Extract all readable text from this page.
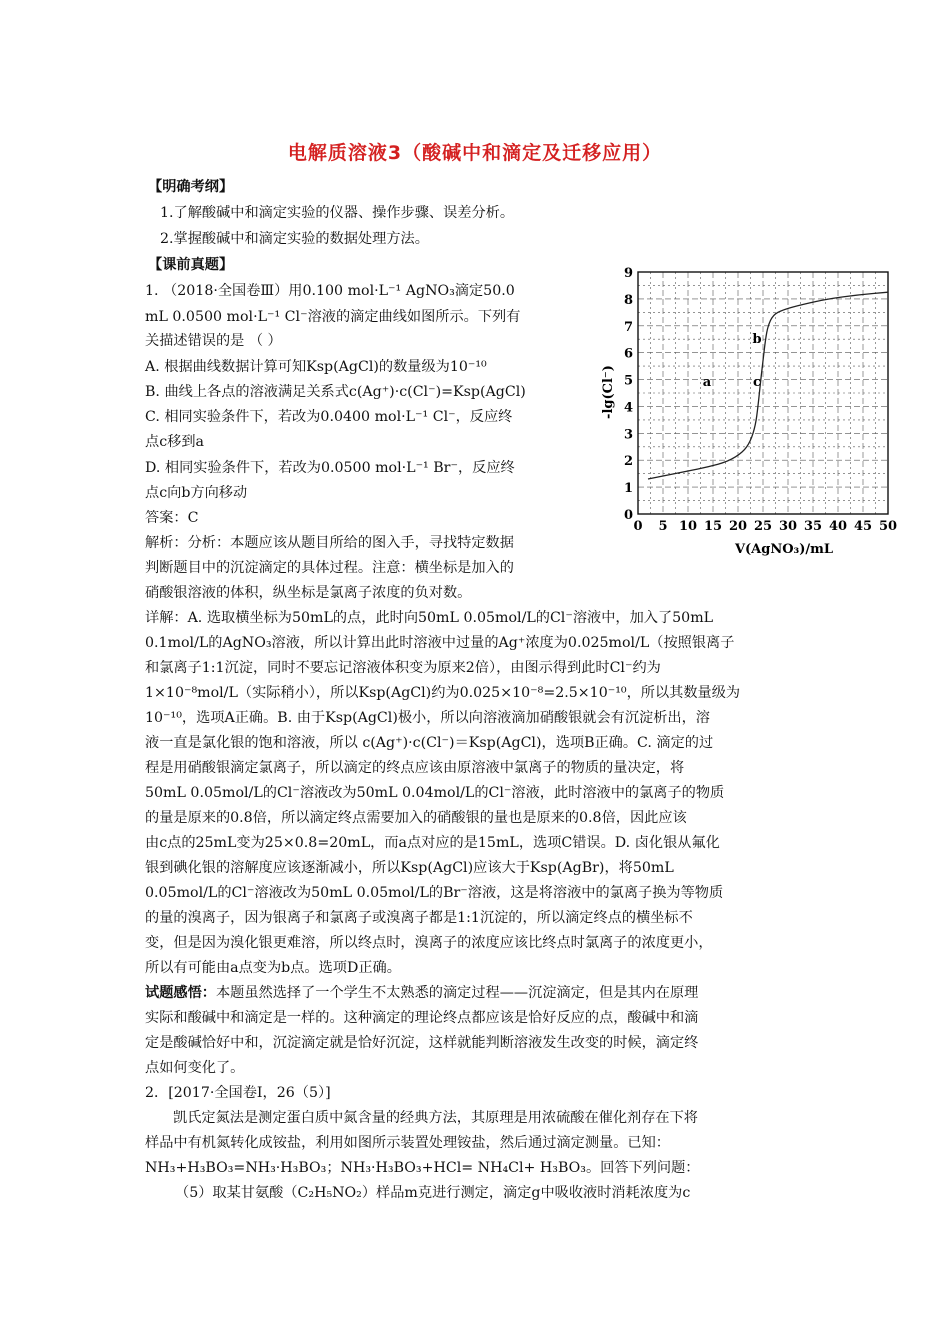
电解质溶液3（酸碱中和滴定及迁移应用）
【明确考纲】
1.了解酸碱中和滴定实验的仪器、操作步骤、误差分析。
2.掌握酸碱中和滴定实验的数据处理方法。
【课前真题】
1. （2018·全国卷Ⅲ）用0.100 mol·L⁻¹ AgNO₃滴定50.0
mL 0.0500 mol·L⁻¹ Cl⁻溶液的滴定曲线如图所示。下列有
关描述错误的是 （ ）
A. 根据曲线数据计算可知Ksp(AgCl)的数量级为10⁻¹⁰
B. 曲线上各点的溶液满足关系式c(Ag⁺)·c(Cl⁻)=Ksp(AgCl)
C. 相同实验条件下，若改为0.0400 mol·L⁻¹ Cl⁻，反应终
点c移到a
D. 相同实验条件下，若改为0.0500 mol·L⁻¹ Br⁻，反应终
点c向b方向移动
答案：C
解析：分析：本题应该从题目所给的图入手，寻找特定数据
判断题目中的沉淀滴定的具体过程。注意：横坐标是加入的
硝酸银溶液的体积，纵坐标是氯离子浓度的负对数。
详解：A. 选取横坐标为50mL的点，此时向50mL 0.05mol/L的Cl⁻溶液中，加入了50mL
0.1mol/L的AgNO₃溶液，所以计算出此时溶液中过量的Ag⁺浓度为0.025mol/L（按照银离子
和氯离子1:1沉淀，同时不要忘记溶液体积变为原来2倍），由图示得到此时Cl⁻约为
1×10⁻⁸mol/L（实际稍小），所以Ksp(AgCl)约为0.025×10⁻⁸=2.5×10⁻¹⁰，所以其数量级为
10⁻¹⁰，选项A正确。B. 由于Ksp(AgCl)极小，所以向溶液滴加硝酸银就会有沉淀析出，溶
液一直是氯化银的饱和溶液，所以 c(Ag⁺)·c(Cl⁻)＝Ksp(AgCl)，选项B正确。C. 滴定的过
程是用硝酸银滴定氯离子，所以滴定的终点应该由原溶液中氯离子的物质的量决定，将
50mL 0.05mol/L的Cl⁻溶液改为50mL 0.04mol/L的Cl⁻溶液，此时溶液中的氯离子的物质
的量是原来的0.8倍，所以滴定终点需要加入的硝酸银的量也是原来的0.8倍，因此应该
由c点的25mL变为25×0.8=20mL，而a点对应的是15mL，选项C错误。D. 卤化银从氟化
银到碘化银的溶解度应该逐渐减小，所以Ksp(AgCl)应该大于Ksp(AgBr)，将50mL
0.05mol/L的Cl⁻溶液改为50mL 0.05mol/L的Br⁻溶液，这是将溶液中的氯离子换为等物质
的量的溴离子，因为银离子和氯离子或溴离子都是1:1沉淀的，所以滴定终点的横坐标不
变，但是因为溴化银更难溶，所以终点时，溴离子的浓度应该比终点时氯离子的浓度更小，
所以有可能由a点变为b点。选项D正确。
试题感悟：本题虽然选择了一个学生不太熟悉的滴定过程——沉淀滴定，但是其内在原理
实际和酸碱中和滴定是一样的。这种滴定的理论终点都应该是恰好反应的点，酸碱中和滴
定是酸碱恰好中和，沉淀滴定就是恰好沉淀，这样就能判断溶液发生改变的时候，滴定终
点如何变化了。
2．[2017·全国卷Ⅰ，26（5）]
凯氏定氮法是测定蛋白质中氮含量的经典方法，其原理是用浓硫酸在催化剂存在下将
样品中有机氮转化成铵盐，利用如图所示装置处理铵盐，然后通过滴定测量。已知：
NH₃+H₃BO₃=NH₃·H₃BO₃；NH₃·H₃BO₃+HCl= NH₄Cl+ H₃BO₃。回答下列问题：
（5）取某甘氨酸（C₂H₅NO₂）样品m克进行测定，滴定g中吸收液时消耗浓度为c
0 5 10 15 20 25 30 35 40 45 50
0
1
2
3
4
5
6
7
8
9
a
b
c
-lg(Cl⁻)
V(AgNO₃)/mL
